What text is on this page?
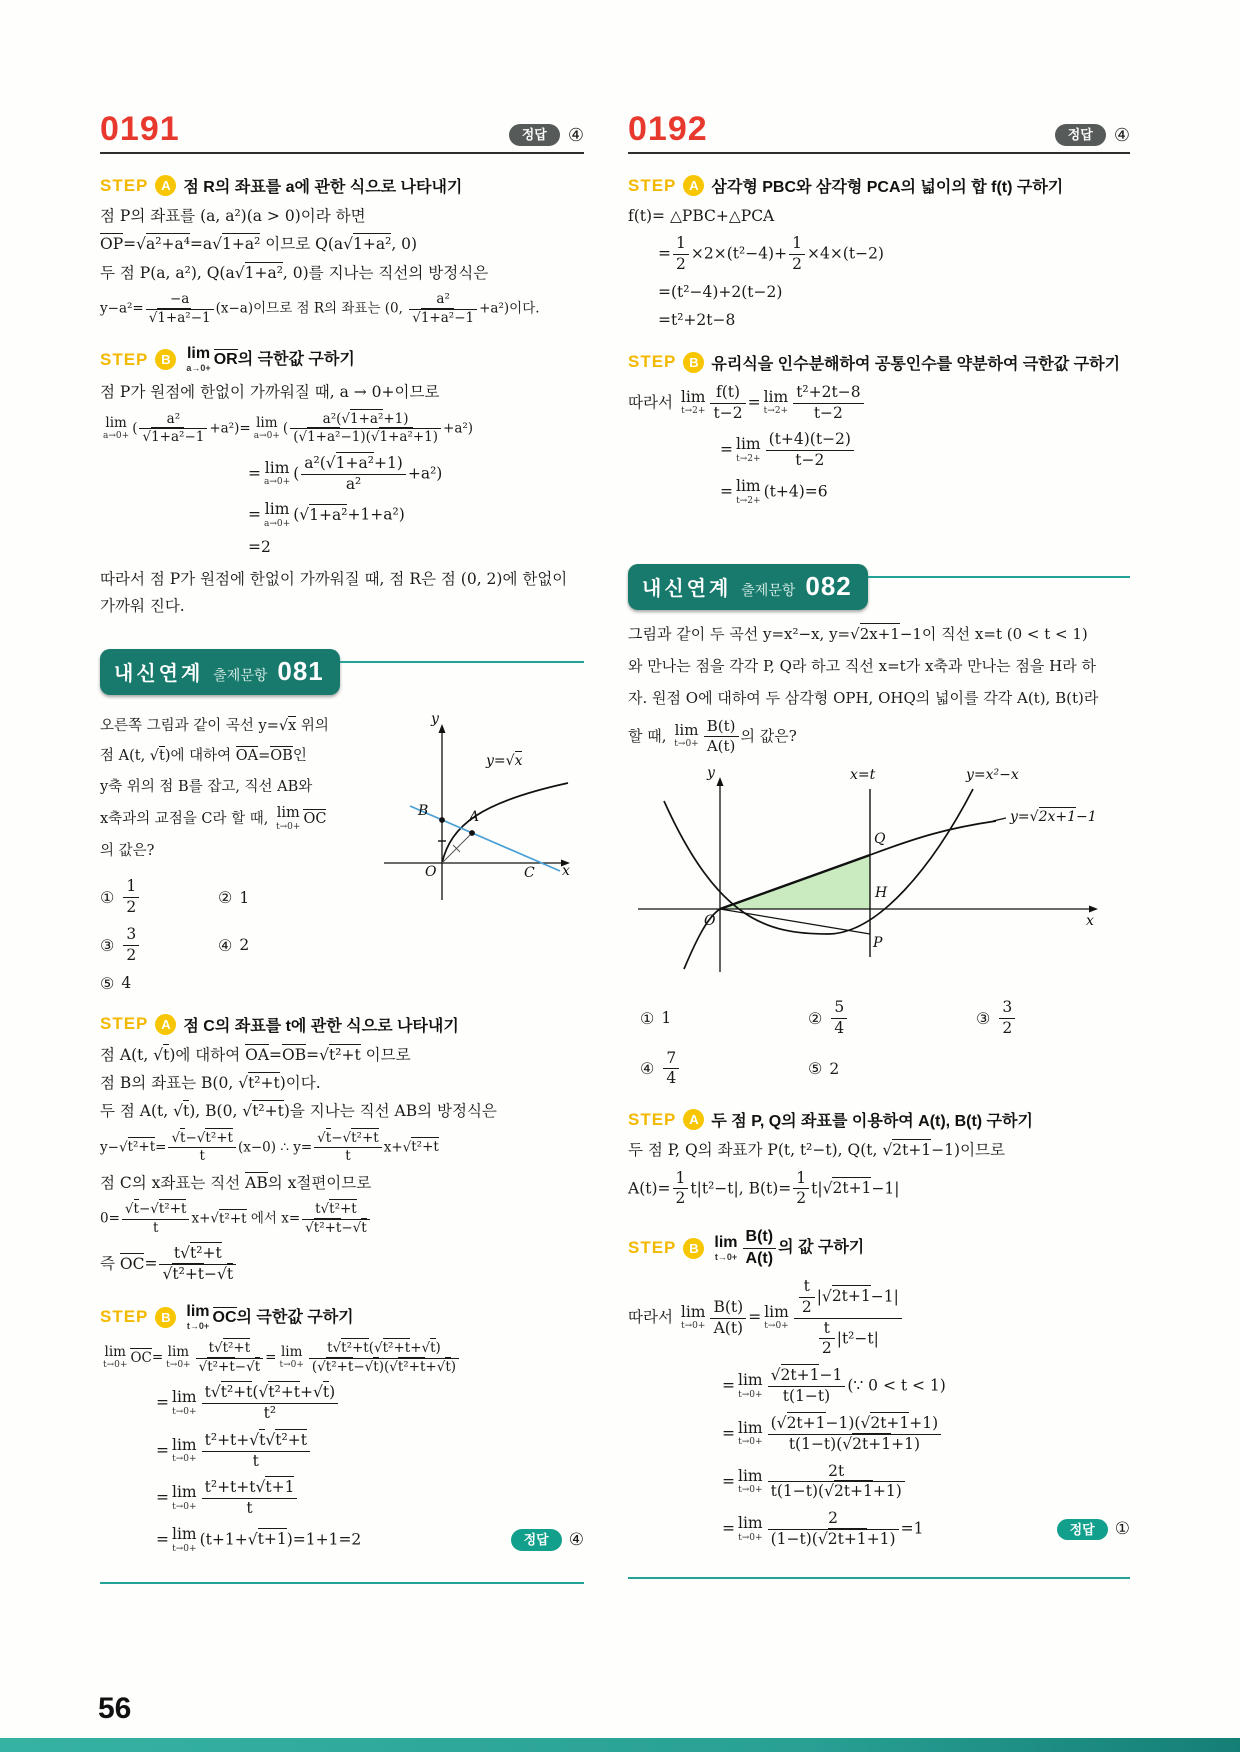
0191	정답	④
STEP A 점 R의 좌표를 a에 관한 식으로 나타내기
점 P의 좌표를 (a, a²)(a > 0)이라 하면
OP=√a²+a⁴=a√1+a² 이므로 Q(a√1+a², 0)
두 점 P(a, a²), Q(a√1+a², 0)를 지나는 직선의 방정식은
$y-a^2= \frac{-a}{\text{√1+a²−1}} (x-a)$이므로 점 R의 좌표는 (0, $\frac{\text{a²}}{\text{√1+a²−1}} +a^2$)이다.
STEP B	lim
a→0+
OR의 극한값 구하기
점 P가 원점에 한없이 가까워질 때, a → 0+이므로
lim
a→0+ ( $\frac{\text{a²}}{\text{√1+a²−1}} +a^2)= \lim$
a→0+ ( $\frac{\text{a²(√1+a²+1)}}{\text{(√1+a²−1)(√1+a²+1)}} +a^2$)
= lim
a→0+
( $\frac{\text{a²(√1+a²+1)}}{\text{a²}} +a^2$)
= lim
a→0+
(√1+a²+1+a²)
=2
따라서 점 P가 원점에 한없이 가까워질 때, 점 R은 점 (0, 2)에 한없이 가까워 진다.
내신연계 출제문항 081
오른쪽 그림과 같이 곡선 y=√x 위의
점 A(t, √t)에 대하여 OA=OB인
y축 위의 점 B를 잡고, 직선 AB와
x축과의 교점을 C라 할 때, lim
t→0+ OC
의 값은?
① $\frac{1}{2}$	② 1
③ $\frac{3}{2}$	④ 2
⑤ 4
y
x
O
B	A
C
y=√x
STEP A 점 C의 좌표를 t에 관한 식으로 나타내기
점 A(t, √t)에 대하여 OA=OB=√t²+t 이므로
점 B의 좌표는 B(0, √t²+t)이다.
두 점 A(t, √t), B(0, √t²+t)을 지나는 직선 AB의 방정식은
$y-√t^2+t= \frac{\text{√t−√t²+t}}{t} (x-0)$ ∴ $y= \frac{\text{√t−√t²+t}}{t} x+√t^2+t$
점 C의 x좌표는 직선 AB의 x절편이므로
$0= \frac{\text{√t−√t²+t}}{t} x+√t^2+t$ 에서 $x= \frac{\text{t√t²+t}}{\text{√t²+t−√t}}$
즉 $OC= \frac{\text{t√t²+t}}{\text{√t²+t−√t}}$
STEP B lim
t→0+
OC의 극한값 구하기
lim
t→0+ OC= lim
$t\to 0+ \frac{\text{t√t²+t}}{\text{√t²+t−√t}} = \lim$
$t\to 0+ \frac{\text{t√t²+t(√t²+t+√t)}}{\text{(√t²+t−√t)(√t²+t+√t)}}$
= lim
$t\to 0+ \frac{\text{t√t²+t(√t²+t+√t)}}{\text{t²}}$
= lim
$t\to 0+ \frac{\text{t²+t+√t√t²+t}}{t}$
= lim
$t\to 0+ \frac{\text{t²+t+t√t+1}}{t}$
= lim
t→0+
(t+1+√t+1)=1+1=2	정답	④
0192	정답	④
STEP A 삼각형 PBC와 삼각형 PCA의 넓이의 합 f(t) 구하기
f(t)= △PBC+△PCA
= $\frac{1}{2} \times 2\times(t^2-4)+ \frac{1}{2} \times 4\times(t-2)$
=(t²−4)+2(t−2)
=t²+2t−8
STEP B 유리식을 인수분해하여 공통인수를 약분하여 극한값 구하기
따라서 lim
$t\to 2+ \frac{f(t)}{t-2} = \lim$
$t\to 2+ \frac{\text{t²+2t−8}}{t-2}$
= lim
$t\to 2+ \frac{(t+4)(t-2)}{t-2}$
= lim
t→2+
(t+4)=6
내신연계 출제문항 082
그림과 같이 두 곡선 y=x²−x, y=√2x+1−1이 직선 x=t (0 < t < 1)
와 만나는 점을 각각 P, Q라 하고 직선 x=t가 x축과 만나는 점을 H라 하
자. 원점 O에 대하여 두 삼각형 OPH, OHQ의 넓이를 각각 A(t), B(t)라
할 때, lim
$t\to 0+ \frac{B(t)}{A(t)}$ 의 값은?
y
x
x=t	y=x²−x
y=√2x+1−1
Q
H
P
O
① 1	② $\frac{5}{4}$	③ $\frac{3}{2}$
④ $\frac{7}{4}$	⑤ 2
STEP A 두 점 P, Q의 좌표를 이용하여 A(t), B(t) 구하기
두 점 P, Q의 좌표가 P(t, t²−t), Q(t, √2t+1−1)이므로
$A(t)= \frac{1}{2} t|t^2-t|$, $B(t)= \frac{1}{2} t|√2t+1-1|$
STEP B lim
$t\to 0+ \frac{B(t)}{A(t)}$ 의 값 구하기
따라서 lim
$t\to 0+ \frac{B(t)}{A(t)} = \lim$
$t\to 0+ \frac{\frac{t}{2} |√2t+1-1|}{\frac{t}{2} |t^2-t|}$
= lim
$t\to 0+ \frac{√2t+1-1}{t(1-t)}$ (∵ 0 < t < 1)
= lim
$t\to 0+ \frac{(√2t+1-1)(√2t+1+1)}{t(1-t)(√2t+1+1)}$
= lim
$t\to 0+ \frac{2t}{t(1-t)(√2t+1+1)}$
= lim
$t\to 0+ \frac{2}{(1-t)(√2t+1+1)} =1$	정답	①
56
